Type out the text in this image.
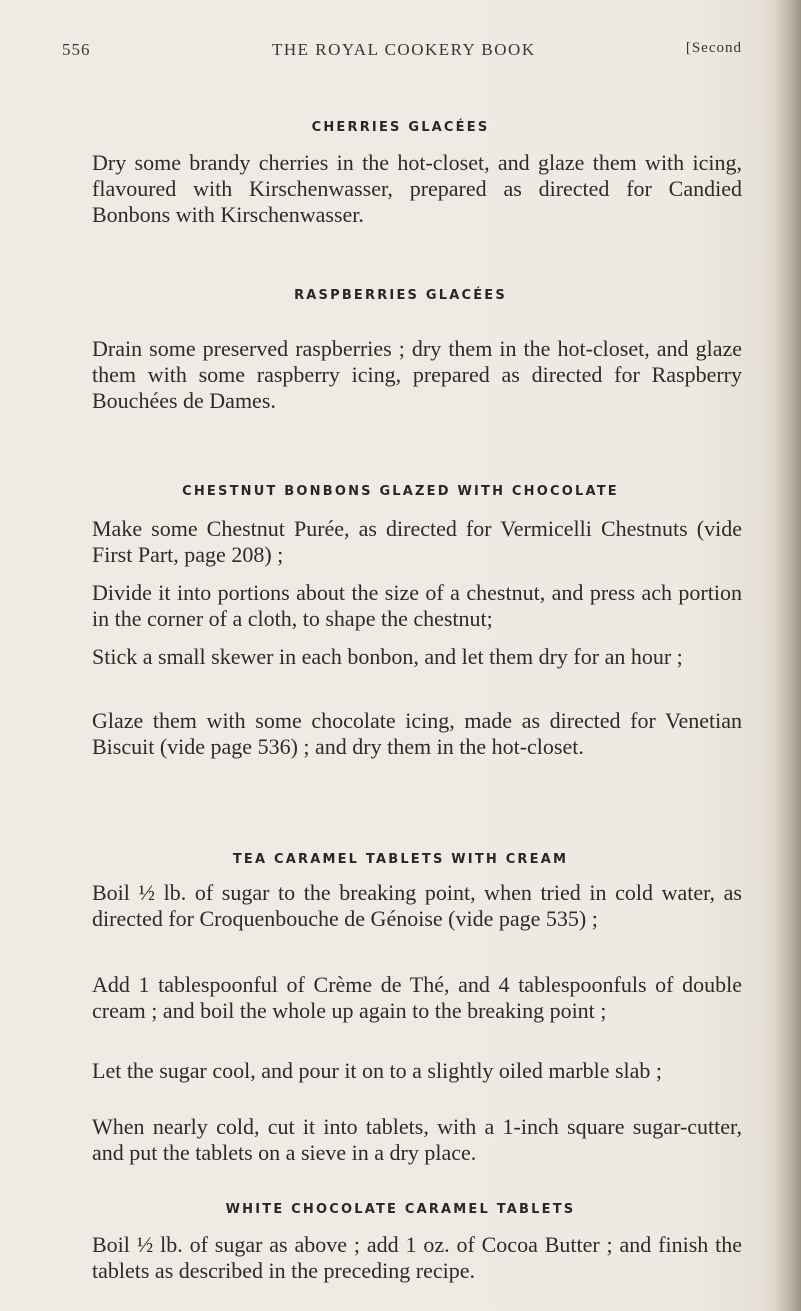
556	THE ROYAL COOKERY BOOK	[Second
CHERRIES GLACÉES

Dry some brandy cherries in the hot-closet, and glaze them with icing, flavoured with Kirschenwasser, prepared as directed for Candied Bonbons with Kirschenwasser.

RASPBERRIES GLACÉES

Drain some preserved raspberries ; dry them in the hot-closet, and glaze them with some raspberry icing, prepared as directed for Raspberry Bouchées de Dames.

CHESTNUT BONBONS GLAZED WITH CHOCOLATE

Make some Chestnut Purée, as directed for Vermicelli Chestnuts (vide First Part, page 208) ;

Divide it into portions about the size of a chestnut, and press ach portion in the corner of a cloth, to shape the chestnut;

Stick a small skewer in each bonbon, and let them dry for an hour ;

Glaze them with some chocolate icing, made as directed for Venetian Biscuit (vide page 536) ; and dry them in the hot-closet.

TEA CARAMEL TABLETS WITH CREAM

Boil ½ lb. of sugar to the breaking point, when tried in cold water, as directed for Croquenbouche de Génoise (vide page 535) ;

Add 1 tablespoonful of Crème de Thé, and 4 tablespoonfuls of double cream ; and boil the whole up again to the breaking point ;

Let the sugar cool, and pour it on to a slightly oiled marble slab ;

When nearly cold, cut it into tablets, with a 1-inch square sugar-cutter, and put the tablets on a sieve in a dry place.

WHITE CHOCOLATE CARAMEL TABLETS

Boil ½ lb. of sugar as above ; add 1 oz. of Cocoa Butter ; and finish the tablets as described in the preceding recipe.
